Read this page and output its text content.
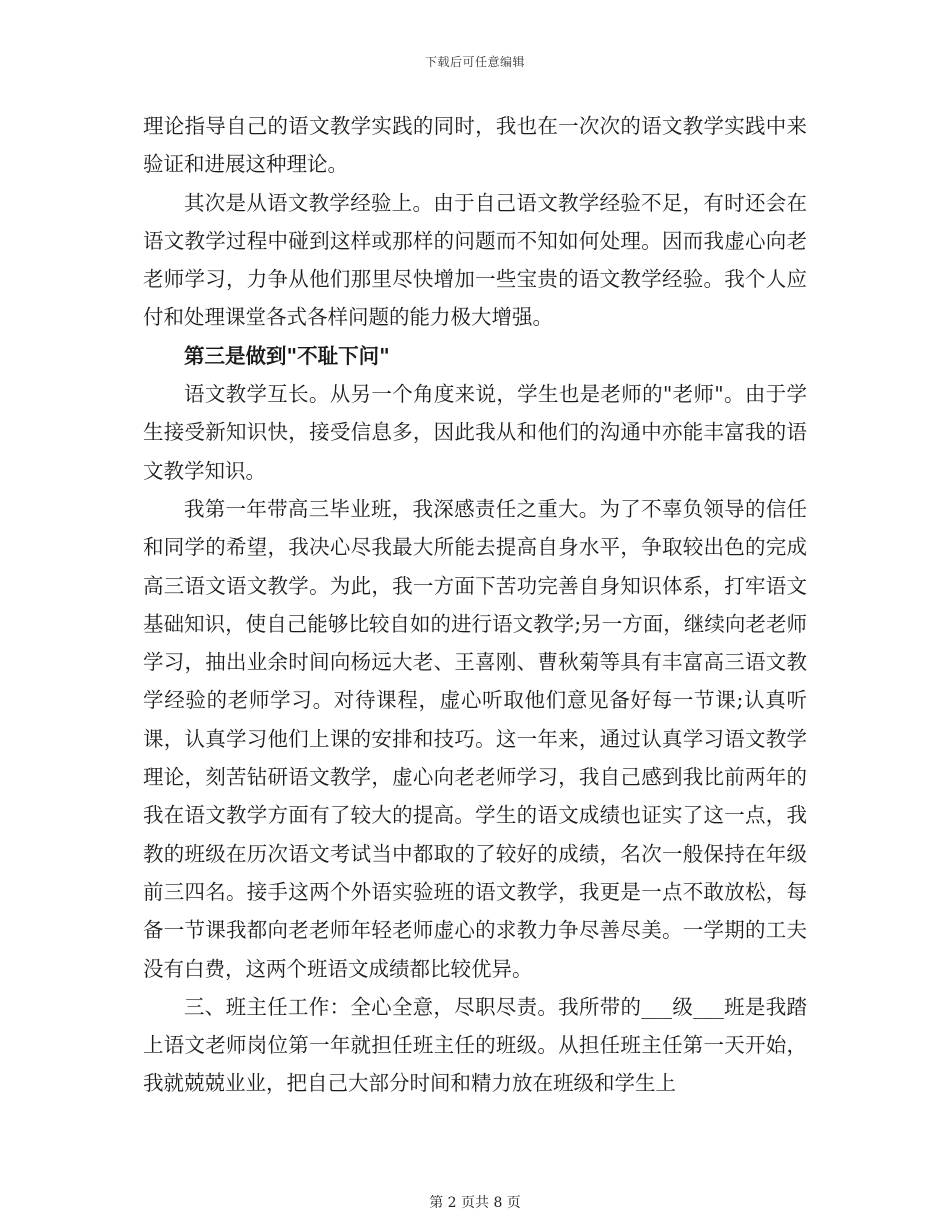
下载后可任意编辑

理论指导自己的语文教学实践的同时，我也在一次次的语文教学实践中来验证和进展这种理论。

其次是从语文教学经验上。由于自己语文教学经验不足，有时还会在语文教学过程中碰到这样或那样的问题而不知如何处理。因而我虚心向老老师学习，力争从他们那里尽快增加一些宝贵的语文教学经验。我个人应付和处理课堂各式各样问题的能力极大增强。

第三是做到"不耻下问"

语文教学互长。从另一个角度来说，学生也是老师的"老师"。由于学生接受新知识快，接受信息多，因此我从和他们的沟通中亦能丰富我的语文教学知识。

我第一年带高三毕业班，我深感责任之重大。为了不辜负领导的信任和同学的希望，我决心尽我最大所能去提高自身水平，争取较出色的完成高三语文语文教学。为此，我一方面下苦功完善自身知识体系，打牢语文基础知识，使自己能够比较自如的进行语文教学;另一方面，继续向老老师学习，抽出业余时间向杨远大老、王喜刚、曹秋菊等具有丰富高三语文教学经验的老师学习。对待课程，虚心听取他们意见备好每一节课;认真听课，认真学习他们上课的安排和技巧。这一年来，通过认真学习语文教学理论，刻苦钻研语文教学，虚心向老老师学习，我自己感到我比前两年的我在语文教学方面有了较大的提高。学生的语文成绩也证实了这一点，我教的班级在历次语文考试当中都取的了较好的成绩，名次一般保持在年级前三四名。接手这两个外语实验班的语文教学，我更是一点不敢放松，每备一节课我都向老老师年轻老师虚心的求教力争尽善尽美。一学期的工夫没有白费，这两个班语文成绩都比较优异。

三、班主任工作：全心全意，尽职尽责。我所带的___级___班是我踏上语文老师岗位第一年就担任班主任的班级。从担任班主任第一天开始，我就兢兢业业，把自己大部分时间和精力放在班级和学生上

第 2 页共 8 页
